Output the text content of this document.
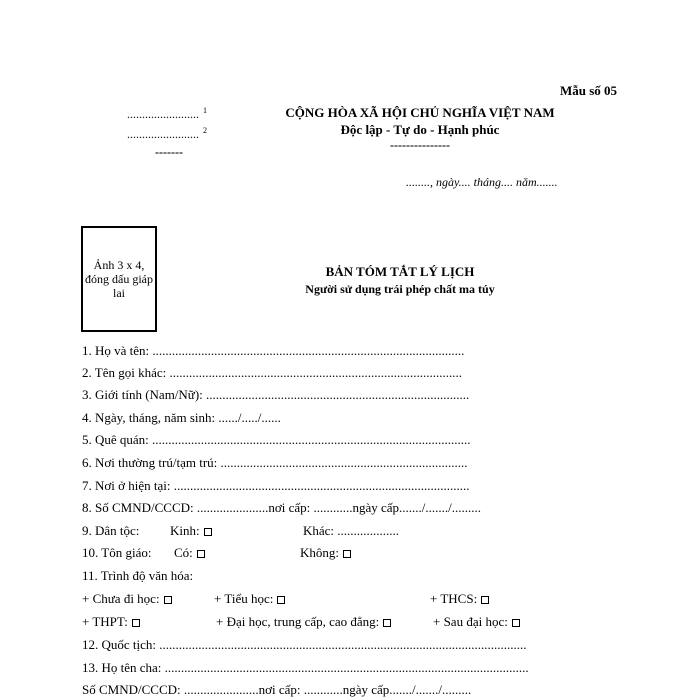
Mẫu số 05
........................ $^1$
........................ $^2$
-------
CỘNG HÒA XÃ HỘI CHỦ NGHĨA VIỆT NAM
Độc lập - Tự do - Hạnh phúc
---------------
........, ngày.... tháng.... năm.......
Ảnh 3 x 4, đóng dấu giáp lai
BẢN TÓM TẮT LÝ LỊCH
Người sử dụng trái phép chất ma túy
1. Họ và tên: ................................................................................................
2. Tên gọi khác: ..........................................................................................
3. Giới tính (Nam/Nữ): .................................................................................
4. Ngày, tháng, năm sinh: ....../...../......
5. Quê quán: ..................................................................................................
6. Nơi thường trú/tạm trú: ............................................................................
7. Nơi ở hiện tại: ...........................................................................................
8. Số CMND/CCCD: ......................nơi cấp: ............ngày cấp......./......./.........
9. Dân tộc: Kinh:	Khác: ...................
10. Tôn giáo: Có:	Không:
11. Trình độ văn hóa:
+ Chưa đi học:	+ Tiểu học:	+ THCS:
+ THPT:	+ Đại học, trung cấp, cao đẳng:	+ Sau đại học:
12. Quốc tịch: .................................................................................................................
13. Họ tên cha: ................................................................................................................
Số CMND/CCCD: .......................nơi cấp: ............ngày cấp......./......./.........
